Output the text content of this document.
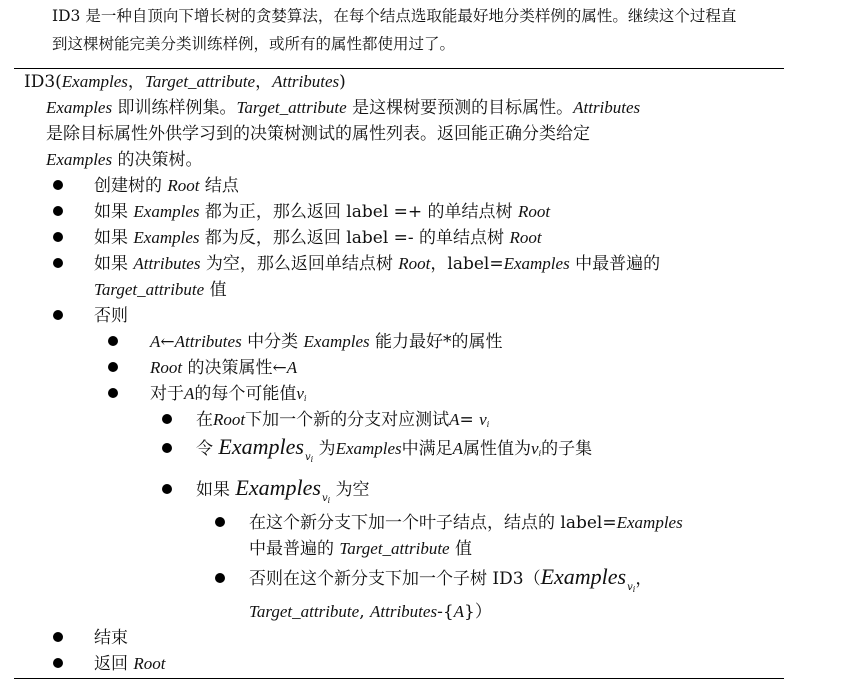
ID3 是一种自顶向下增长树的贪婪算法，在每个结点选取能最好地分类样例的属性。继续这个过程直
到这棵树能完美分类训练样例，或所有的属性都使用过了。
ID3(Examples，Target_attribute，Attributes)
Examples 即训练样例集。Target_attribute 是这棵树要预测的目标属性。Attributes
是除目标属性外供学习到的决策树测试的属性列表。返回能正确分类给定
Examples 的决策树。
创建树的 Root 结点
如果 Examples 都为正，那么返回 label =+ 的单结点树 Root
如果 Examples 都为反，那么返回 label =- 的单结点树 Root
如果 Attributes 为空，那么返回单结点树 Root，label=Examples 中最普遍的
Target_attribute 值
否则
A←Attributes 中分类 Examples 能力最好*的属性
Root 的决策属性←A
对于A的每个可能值vi
在Root下加一个新的分支对应测试A= vi
令 Examples$_{v_i}$ 为Examples中满足A属性值为vi的子集
如果 Examples$_{v_i}$ 为空
在这个新分支下加一个叶子结点，结点的 label=Examples
中最普遍的 Target_attribute 值
否则在这个新分支下加一个子树 ID3（Examples$_{v_i}$，
Target_attribute, Attributes-{A}）
结束
返回 Root
